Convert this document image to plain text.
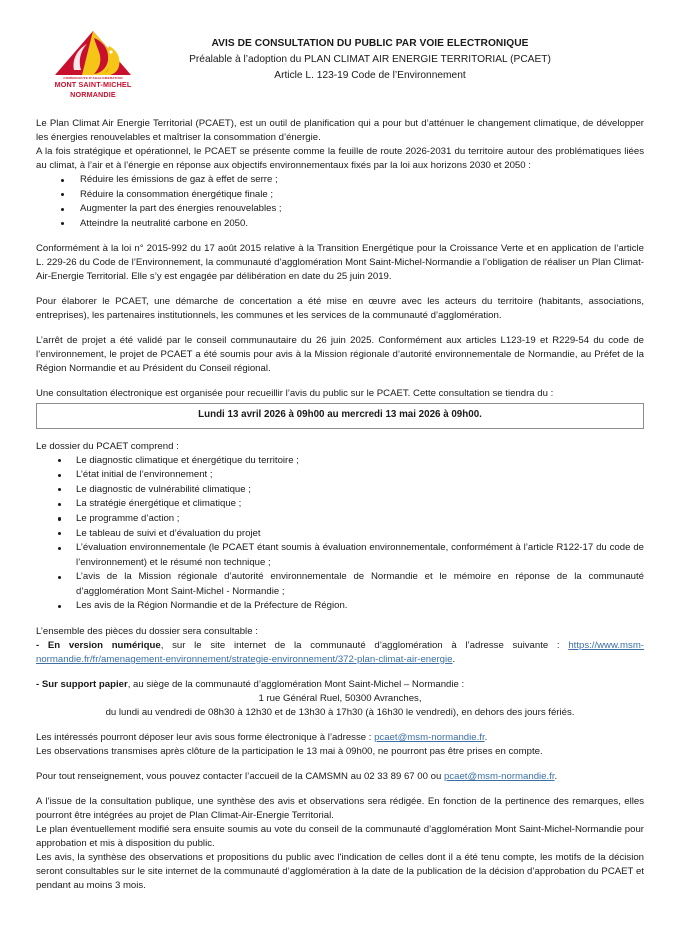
COMMUNAUTE D'AGGLOMERATION
MONT SAINT-MICHEL
NORMANDIE
AVIS DE CONSULTATION DU PUBLIC PAR VOIE ELECTRONIQUE
Préalable à l’adoption du PLAN CLIMAT AIR ENERGIE TERRITORIAL (PCAET)
Article L. 123-19 Code de l’Environnement

Le Plan Climat Air Energie Territorial (PCAET), est un outil de planification qui a pour but d’atténuer le changement climatique, de développer les énergies renouvelables et maîtriser la consommation d’énergie.

A la fois stratégique et opérationnel, le PCAET se présente comme la feuille de route 2026-2031 du territoire autour des problématiques liées au climat, à l’air et à l’énergie en réponse aux objectifs environnementaux fixés par la loi aux horizons 2030 et 2050 :

Réduire les émissions de gaz à effet de serre ;
Réduire la consommation énergétique finale ;
Augmenter la part des énergies renouvelables ;
Atteindre la neutralité carbone en 2050.

Conformément à la loi n° 2015-992 du 17 août 2015 relative à la Transition Energétique pour la Croissance Verte et en application de l’article L. 229-26 du Code de l’Environnement, la communauté d’agglomération Mont Saint-Michel-Normandie a l’obligation de réaliser un Plan Climat-Air-Energie Territorial. Elle s’y est engagée par délibération en date du 25 juin 2019.

Pour élaborer le PCAET, une démarche de concertation a été mise en œuvre avec les acteurs du territoire (habitants, associations, entreprises), les partenaires institutionnels, les communes et les services de la communauté d’agglomération.

L’arrêt de projet a été validé par le conseil communautaire du 26 juin 2025. Conformément aux articles L123-19 et R229-54 du code de l’environnement, le projet de PCAET a été soumis pour avis à la Mission régionale d’autorité environnementale de Normandie, au Préfet de la Région Normandie et au Président du Conseil régional.

Une consultation électronique est organisée pour recueillir l’avis du public sur le PCAET. Cette consultation se tiendra du :

Lundi 13 avril 2026 à 09h00 au mercredi 13 mai 2026 à 09h00.

Le dossier du PCAET comprend :

Le diagnostic climatique et énergétique du territoire ;
L’état initial de l’environnement ;
Le diagnostic de vulnérabilité climatique ;
La stratégie énergétique et climatique ;
Le programme d’action ;
Le tableau de suivi et d’évaluation du projet
L’évaluation environnementale (le PCAET étant soumis à évaluation environnementale, conformément à l’article R122-17 du code de l’environnement) et le résumé non technique ;
L’avis de la Mission régionale d’autorité environnementale de Normandie et le mémoire en réponse de la communauté d’agglomération Mont Saint-Michel - Normandie ;
Les avis de la Région Normandie et de la Préfecture de Région.

L’ensemble des pièces du dossier sera consultable :

- En version numérique, sur le site internet de la communauté d’agglomération à l’adresse suivante : https://www.msm-normandie.fr/fr/amenagement-environnement/strategie-environnement/372-plan-climat-air-energie.

- Sur support papier, au siège de la communauté d’agglomération Mont Saint-Michel – Normandie :

1 rue Général Ruel, 50300 Avranches,

du lundi au vendredi de 08h30 à 12h30 et de 13h30 à 17h30 (à 16h30 le vendredi), en dehors des jours fériés.

Les intéressés pourront déposer leur avis sous forme électronique à l’adresse : pcaet@msm-normandie.fr.

Les observations transmises après clôture de la participation le 13 mai à 09h00, ne pourront pas être prises en compte.

Pour tout renseignement, vous pouvez contacter l’accueil de la CAMSMN au 02 33 89 67 00 ou pcaet@msm-normandie.fr.

A l’issue de la consultation publique, une synthèse des avis et observations sera rédigée. En fonction de la pertinence des remarques, elles pourront être intégrées au projet de Plan Climat-Air-Energie Territorial.

Le plan éventuellement modifié sera ensuite soumis au vote du conseil de la communauté d’agglomération Mont Saint-Michel-Normandie pour approbation et mis à disposition du public.

Les avis, la synthèse des observations et propositions du public avec l'indication de celles dont il a été tenu compte, les motifs de la décision seront consultables sur le site internet de la communauté d’agglomération à la date de la publication de la décision d’approbation du PCAET et pendant au moins 3 mois.
